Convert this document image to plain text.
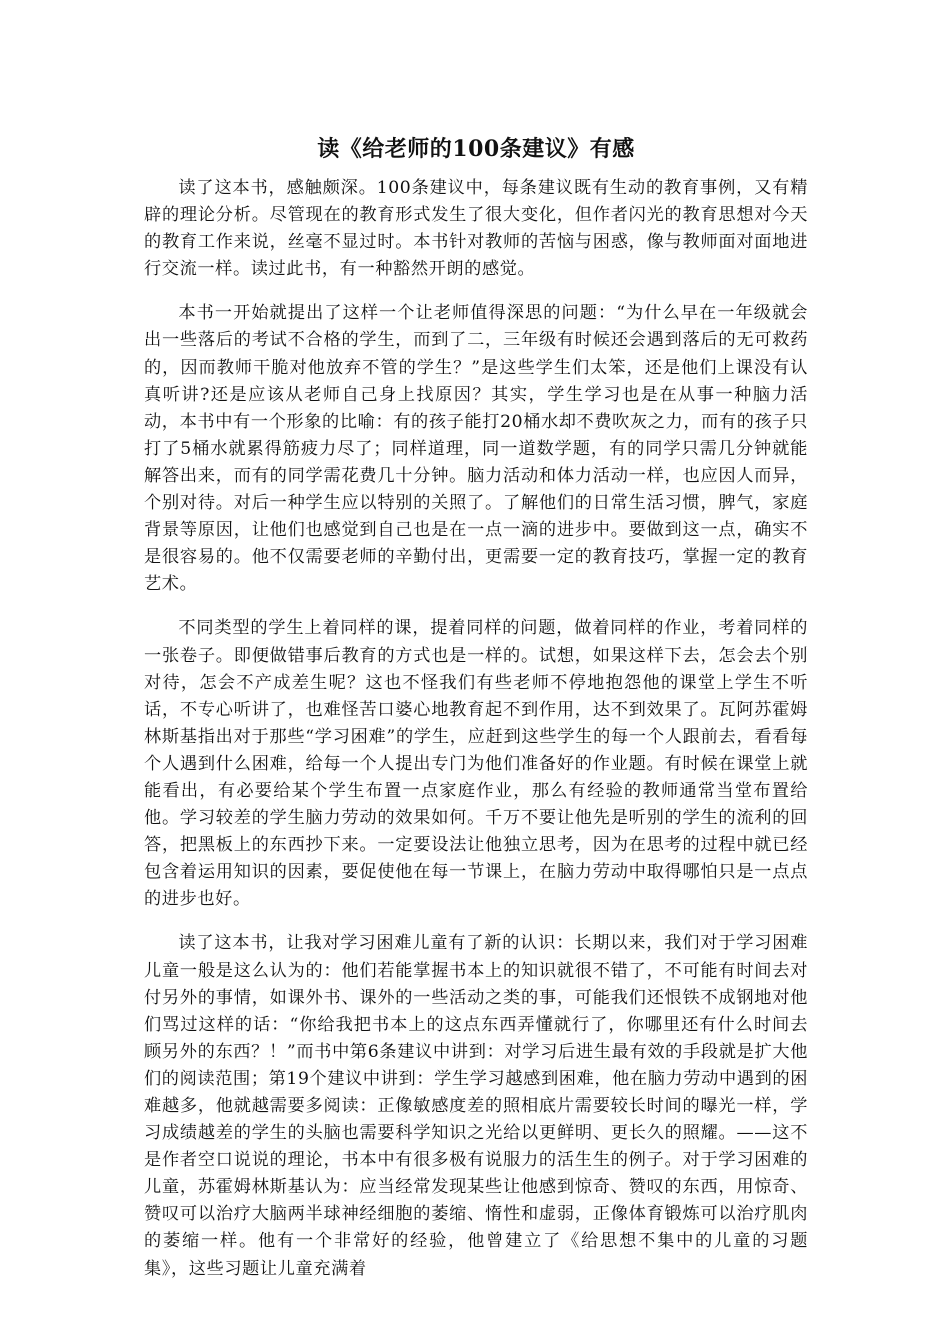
读《给老师的100条建议》有感

读了这本书，感触颇深。100条建议中，每条建议既有生动的教育事例，又有精辟的理论分析。尽管现在的教育形式发生了很大变化，但作者闪光的教育思想对今天的教育工作来说，丝毫不显过时。本书针对教师的苦恼与困惑，像与教师面对面地进行交流一样。读过此书，有一种豁然开朗的感觉。

本书一开始就提出了这样一个让老师值得深思的问题：“为什么早在一年级就会出一些落后的考试不合格的学生，而到了二，三年级有时候还会遇到落后的无可救药的，因而教师干脆对他放弃不管的学生？”是这些学生们太笨，还是他们上课没有认真听讲?还是应该从老师自己身上找原因？其实，学生学习也是在从事一种脑力活动，本书中有一个形象的比喻：有的孩子能打20桶水却不费吹灰之力，而有的孩子只打了5桶水就累得筋疲力尽了；同样道理，同一道数学题，有的同学只需几分钟就能解答出来，而有的同学需花费几十分钟。脑力活动和体力活动一样，也应因人而异，个别对待。对后一种学生应以特别的关照了。了解他们的日常生活习惯，脾气，家庭背景等原因，让他们也感觉到自己也是在一点一滴的进步中。要做到这一点，确实不是很容易的。他不仅需要老师的辛勤付出，更需要一定的教育技巧，掌握一定的教育艺术。

不同类型的学生上着同样的课，提着同样的问题，做着同样的作业，考着同样的一张卷子。即便做错事后教育的方式也是一样的。试想，如果这样下去，怎会去个别对待，怎会不产成差生呢？这也不怪我们有些老师不停地抱怨他的课堂上学生不听话，不专心听讲了，也难怪苦口婆心地教育起不到作用，达不到效果了。瓦阿苏霍姆林斯基指出对于那些“学习困难”的学生，应赶到这些学生的每一个人跟前去，看看每个人遇到什么困难，给每一个人提出专门为他们准备好的作业题。有时候在课堂上就能看出，有必要给某个学生布置一点家庭作业，那么有经验的教师通常当堂布置给他。学习较差的学生脑力劳动的效果如何。千万不要让他先是听别的学生的流利的回答，把黑板上的东西抄下来。一定要设法让他独立思考，因为在思考的过程中就已经包含着运用知识的因素，要促使他在每一节课上，在脑力劳动中取得哪怕只是一点点的进步也好。

读了这本书，让我对学习困难儿童有了新的认识：长期以来，我们对于学习困难儿童一般是这么认为的：他们若能掌握书本上的知识就很不错了，不可能有时间去对付另外的事情，如课外书、课外的一些活动之类的事，可能我们还恨铁不成钢地对他们骂过这样的话：“你给我把书本上的这点东西弄懂就行了，你哪里还有什么时间去顾另外的东西？！”而书中第6条建议中讲到：对学习后进生最有效的手段就是扩大他们的阅读范围；第19个建议中讲到：学生学习越感到困难，他在脑力劳动中遇到的困难越多，他就越需要多阅读：正像敏感度差的照相底片需要较长时间的曝光一样，学习成绩越差的学生的头脑也需要科学知识之光给以更鲜明、更长久的照耀。——这不是作者空口说说的理论，书本中有很多极有说服力的活生生的例子。对于学习困难的儿童，苏霍姆林斯基认为：应当经常发现某些让他感到惊奇、赞叹的东西，用惊奇、赞叹可以治疗大脑两半球神经细胞的萎缩、惰性和虚弱，正像体育锻炼可以治疗肌肉的萎缩一样。他有一个非常好的经验，他曾建立了《给思想不集中的儿童的习题集》，这些习题让儿童充满着
